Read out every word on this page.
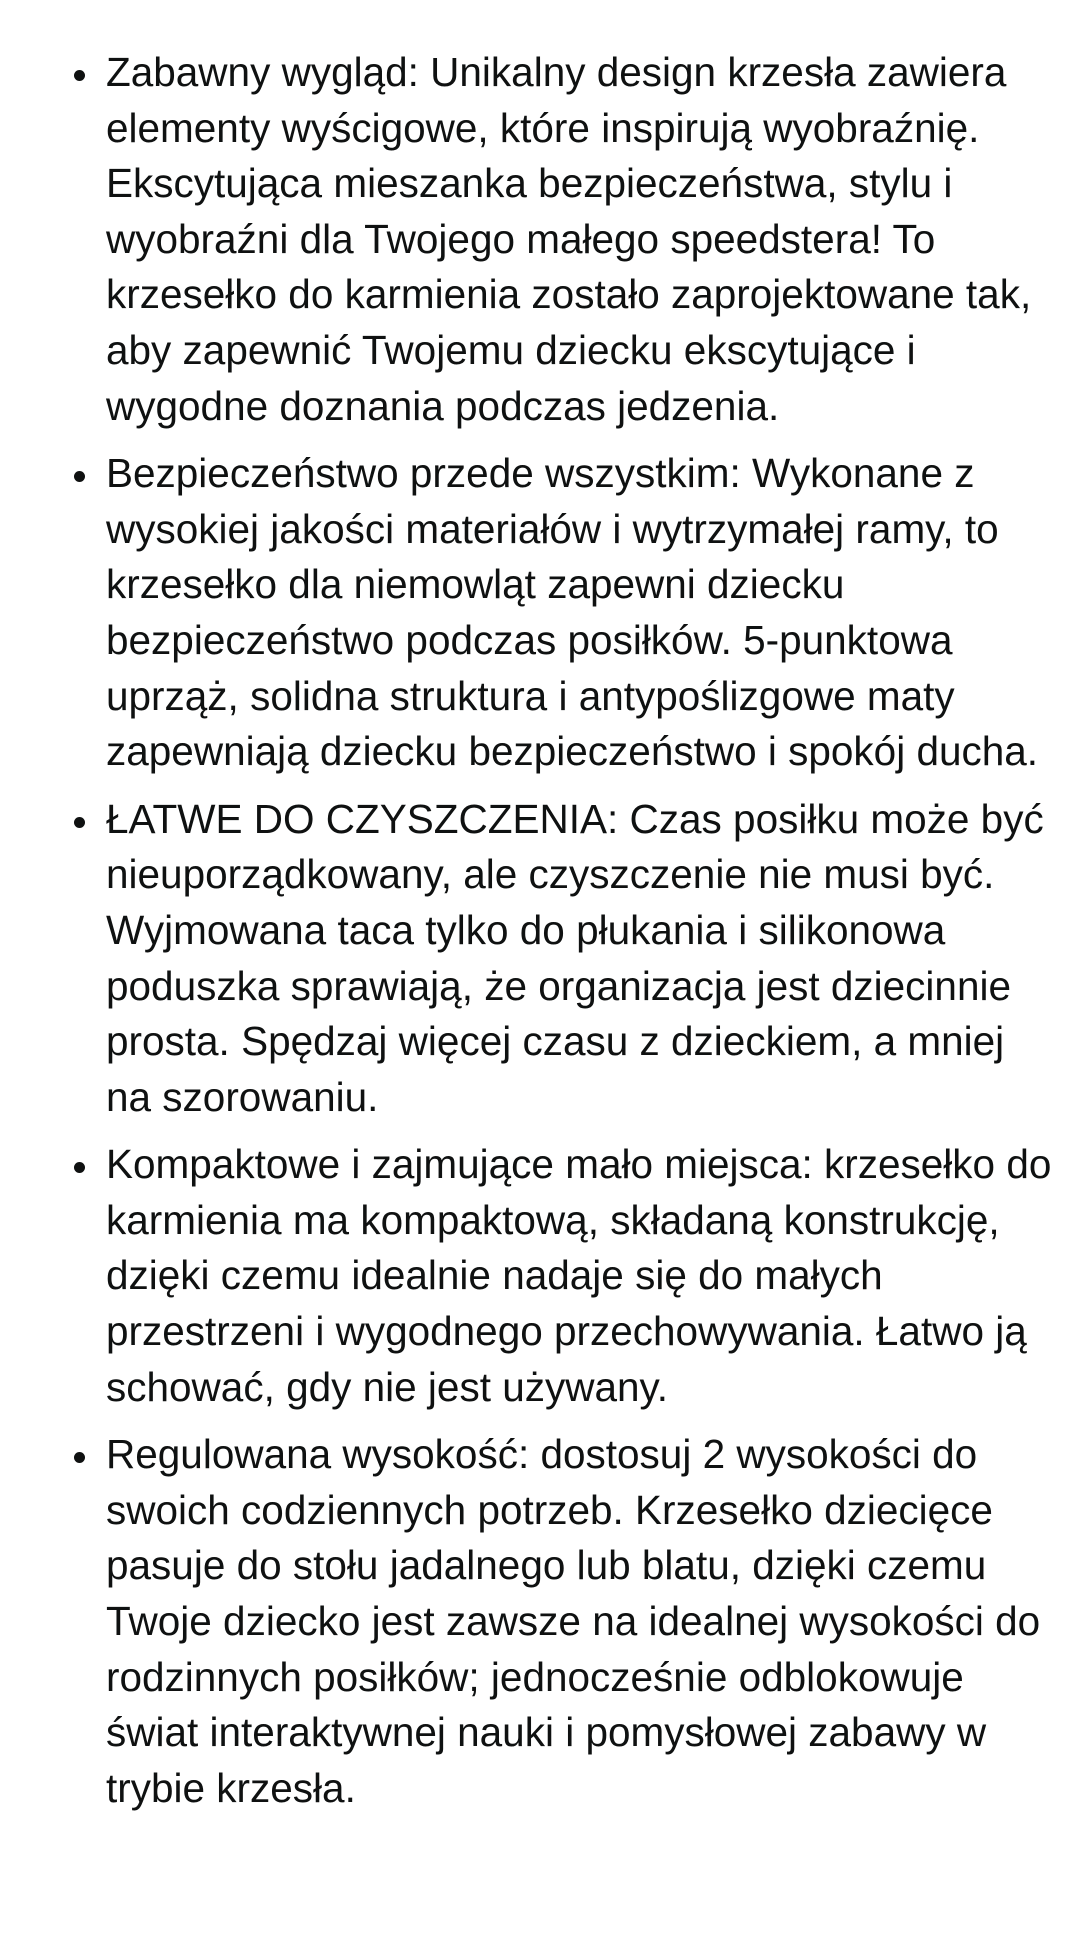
Zabawny wygląd: Unikalny design krzesła zawiera elementy wyścigowe, które inspirują wyobraźnię. Ekscytująca mieszanka bezpieczeństwa, stylu i wyobraźni dla Twojego małego speedstera! To krzesełko do karmienia zostało zaprojektowane tak, aby zapewnić Twojemu dziecku ekscytujące i wygodne doznania podczas jedzenia.
Bezpieczeństwo przede wszystkim: Wykonane z wysokiej jakości materiałów i wytrzymałej ramy, to krzesełko dla niemowląt zapewni dziecku bezpieczeństwo podczas posiłków. 5-punktowa uprząż, solidna struktura i antypoślizgowe maty zapewniają dziecku bezpieczeństwo i spokój ducha.
ŁATWE DO CZYSZCZENIA: Czas posiłku może być nieuporządkowany, ale czyszczenie nie musi być. Wyjmowana taca tylko do płukania i silikonowa poduszka sprawiają, że organizacja jest dziecinnie prosta. Spędzaj więcej czasu z dzieckiem, a mniej na szorowaniu.
Kompaktowe i zajmujące mało miejsca: krzesełko do karmienia ma kompaktową, składaną konstrukcję, dzięki czemu idealnie nadaje się do małych przestrzeni i wygodnego przechowywania. Łatwo ją schować, gdy nie jest używany.
Regulowana wysokość: dostosuj 2 wysokości do swoich codziennych potrzeb. Krzesełko dziecięce pasuje do stołu jadalnego lub blatu, dzięki czemu Twoje dziecko jest zawsze na idealnej wysokości do rodzinnych posiłków; jednocześnie odblokowuje świat interaktywnej nauki i pomysłowej zabawy w trybie krzesła.
